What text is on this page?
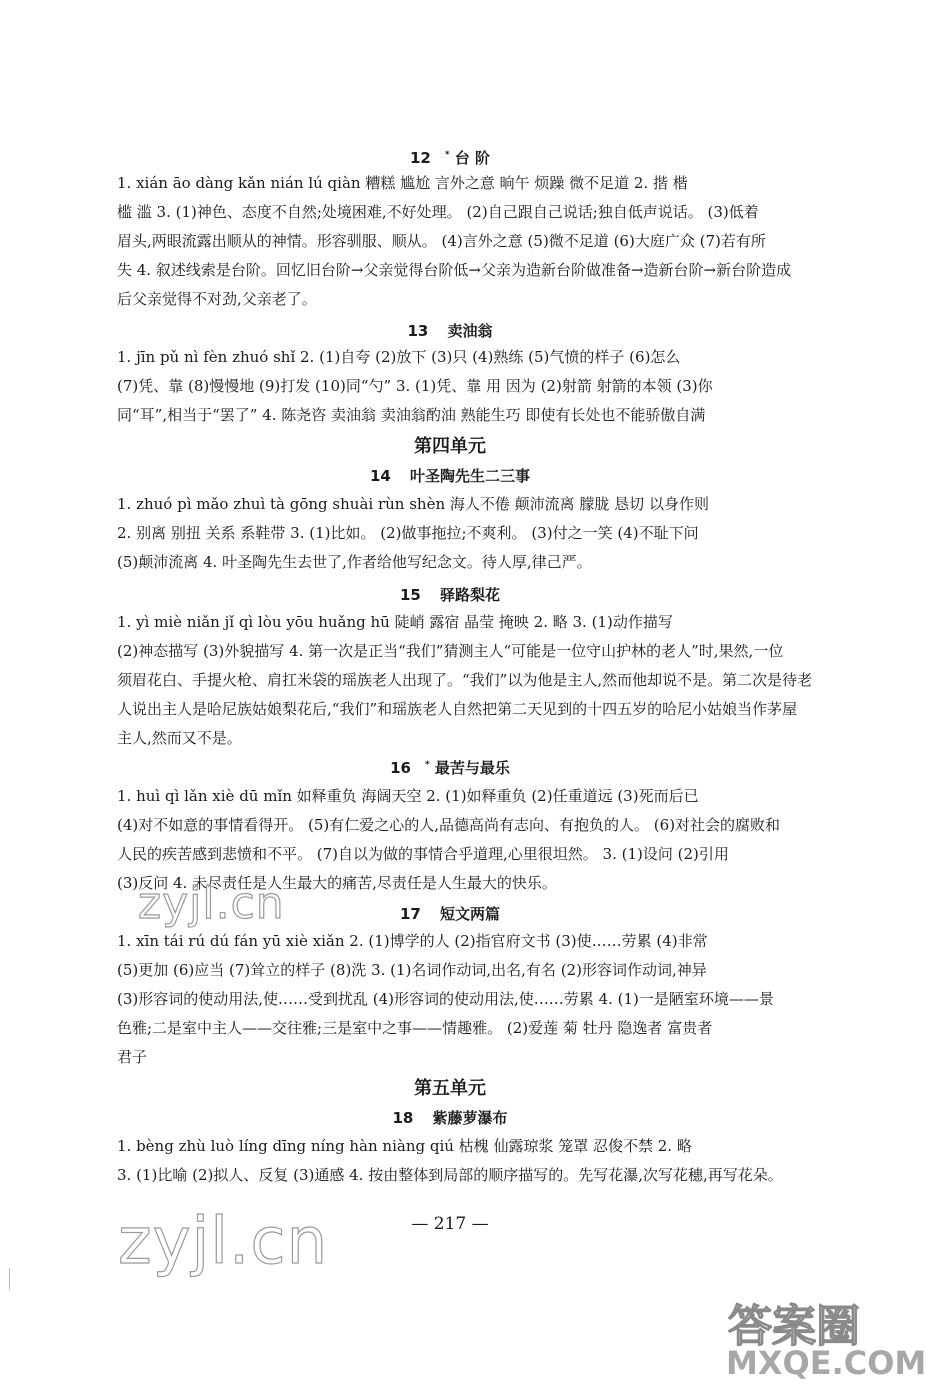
12 * 台 阶
1. xián āo dàng kǎn nián lú qiàn 糟糕 尴尬 言外之意 晌午 烦躁 微不足道 2. 揩 楷
槛 滥 3. (1)神色、态度不自然;处境困难,不好处理。 (2)自己跟自己说话;独自低声说话。 (3)低着
眉头,两眼流露出顺从的神情。形容驯服、顺从。 (4)言外之意 (5)微不足道 (6)大庭广众 (7)若有所
失 4. 叙述线索是台阶。回忆旧台阶→父亲觉得台阶低→父亲为造新台阶做准备→造新台阶→新台阶造成
后父亲觉得不对劲,父亲老了。
13 卖油翁
1. jīn pǔ nì fèn zhuó shǐ 2. (1)自夸 (2)放下 (3)只 (4)熟练 (5)气愤的样子 (6)怎么
(7)凭、靠 (8)慢慢地 (9)打发 (10)同“勺” 3. (1)凭、靠 用 因为 (2)射箭 射箭的本领 (3)你
同“耳”,相当于“罢了” 4. 陈尧咨 卖油翁 卖油翁酌油 熟能生巧 即使有长处也不能骄傲自满
第四单元
14 叶圣陶先生二三事
1. zhuó pì mǎo zhuì tà gōng shuài rùn shèn 海人不倦 颠沛流离 朦胧 恳切 以身作则
2. 别离 别扭 关系 系鞋带 3. (1)比如。 (2)做事拖拉;不爽利。 (3)付之一笑 (4)不耻下问
(5)颠沛流离 4. 叶圣陶先生去世了,作者给他写纪念文。待人厚,律己严。
15 驿路梨花
1. yì miè niǎn jǐ qì lòu yōu huǎng hū 陡峭 露宿 晶莹 掩映 2. 略 3. (1)动作描写
(2)神态描写 (3)外貌描写 4. 第一次是正当“我们”猜测主人“可能是一位守山护林的老人”时,果然,一位
须眉花白、手提火枪、肩扛米袋的瑶族老人出现了。“我们”以为他是主人,然而他却说不是。第二次是待老
人说出主人是哈尼族姑娘梨花后,“我们”和瑶族老人自然把第二天见到的十四五岁的哈尼小姑娘当作茅屋
主人,然而又不是。
16 * 最苦与最乐
1. huì qì lǎn xiè dū mǐn 如释重负 海阔天空 2. (1)如释重负 (2)任重道远 (3)死而后已
(4)对不如意的事情看得开。 (5)有仁爱之心的人,品德高尚有志向、有抱负的人。 (6)对社会的腐败和
人民的疾苦感到悲愤和不平。 (7)自以为做的事情合乎道理,心里很坦然。 3. (1)设问 (2)引用
(3)反问 4. 未尽责任是人生最大的痛苦,尽责任是人生最大的快乐。
17 短文两篇
1. xīn tái rú dú fán yū xiè xiǎn 2. (1)博学的人 (2)指官府文书 (3)使……劳累 (4)非常
(5)更加 (6)应当 (7)耸立的样子 (8)洗 3. (1)名词作动词,出名,有名 (2)形容词作动词,神异
(3)形容词的使动用法,使……受到扰乱 (4)形容词的使动用法,使……劳累 4. (1)一是陋室环境——景
色雅;二是室中主人——交往雅;三是室中之事——情趣雅。 (2)爱莲 菊 牡丹 隐逸者 富贵者
君子
第五单元
18 紫藤萝瀑布
1. bèng zhù luò líng dīng níng hàn niàng qiú 枯槐 仙露琼浆 笼罩 忍俊不禁 2. 略
3. (1)比喻 (2)拟人、反复 (3)通感 4. 按由整体到局部的顺序描写的。先写花瀑,次写花穗,再写花朵。
— 217 —
zyjl.cn
zyjl.cn
答案圈
MXQE.COM
